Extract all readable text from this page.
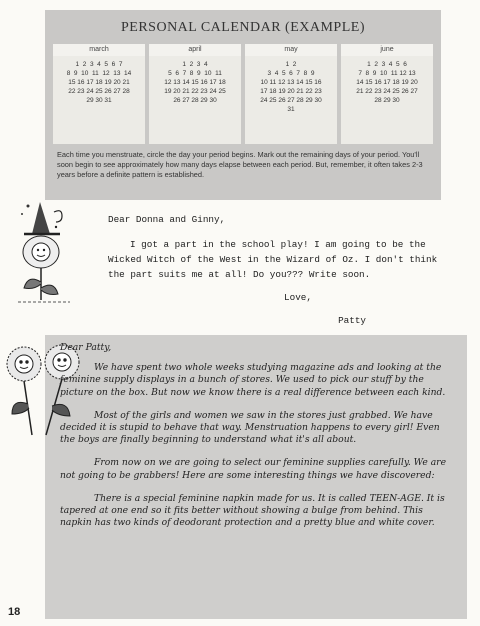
PERSONAL CALENDAR (EXAMPLE)
march
1  2  3  4  5  6  7
8  9  10  11  12  13  14
15 16 17 18 19 20 21
22 23 24 25 26 27 28
29 30 31
april
1  2  3  4
5  6  7  8  9  10  11
12 13 14 15 16 17 18
19 20 21 22 23 24 25
26 27 28 29 30
may
1  2
3  4  5  6  7  8  9
10 11 12 13 14 15 16
17 18 19 20 21 22 23
24 25 26 27 28 29 30
31
june
1  2  3  4  5  6
7  8  9  10  11 12 13
14 15 16 17 18 19 20
21 22 23 24 25 26 27
28 29 30
Each time you menstruate, circle the day your period begins. Mark out the remaining days of your period. You'll soon begin to see approximately how many days elapse between each period. But, remember, it often takes 2-3 years before a definite pattern is established.

Dear Donna and Ginny,

I got a part in the school play! I am going to be the Wicked Witch of the West in the Wizard of Oz. I don't think the part suits me at all! Do you??? Write soon.

Love,

Patty

Dear Patty,

We have spent two whole weeks studying magazine ads and looking at the feminine supply displays in a bunch of stores. We used to pick our stuff by the picture on the box. But now we know there is a real difference between each kind.

Most of the girls and women we saw in the stores just grabbed. We have decided it is stupid to behave that way. Menstruation happens to every girl! Even the boys are finally beginning to understand what it's all about.

From now on we are going to select our feminine supplies carefully. We are not going to be grabbers! Here are some interesting things we have discovered:

There is a special feminine napkin made for us. It is called TEEN-AGE. It is tapered at one end so it fits better without showing a bulge from behind. This napkin has two kinds of deodorant protection and a pretty blue and white cover.

18
